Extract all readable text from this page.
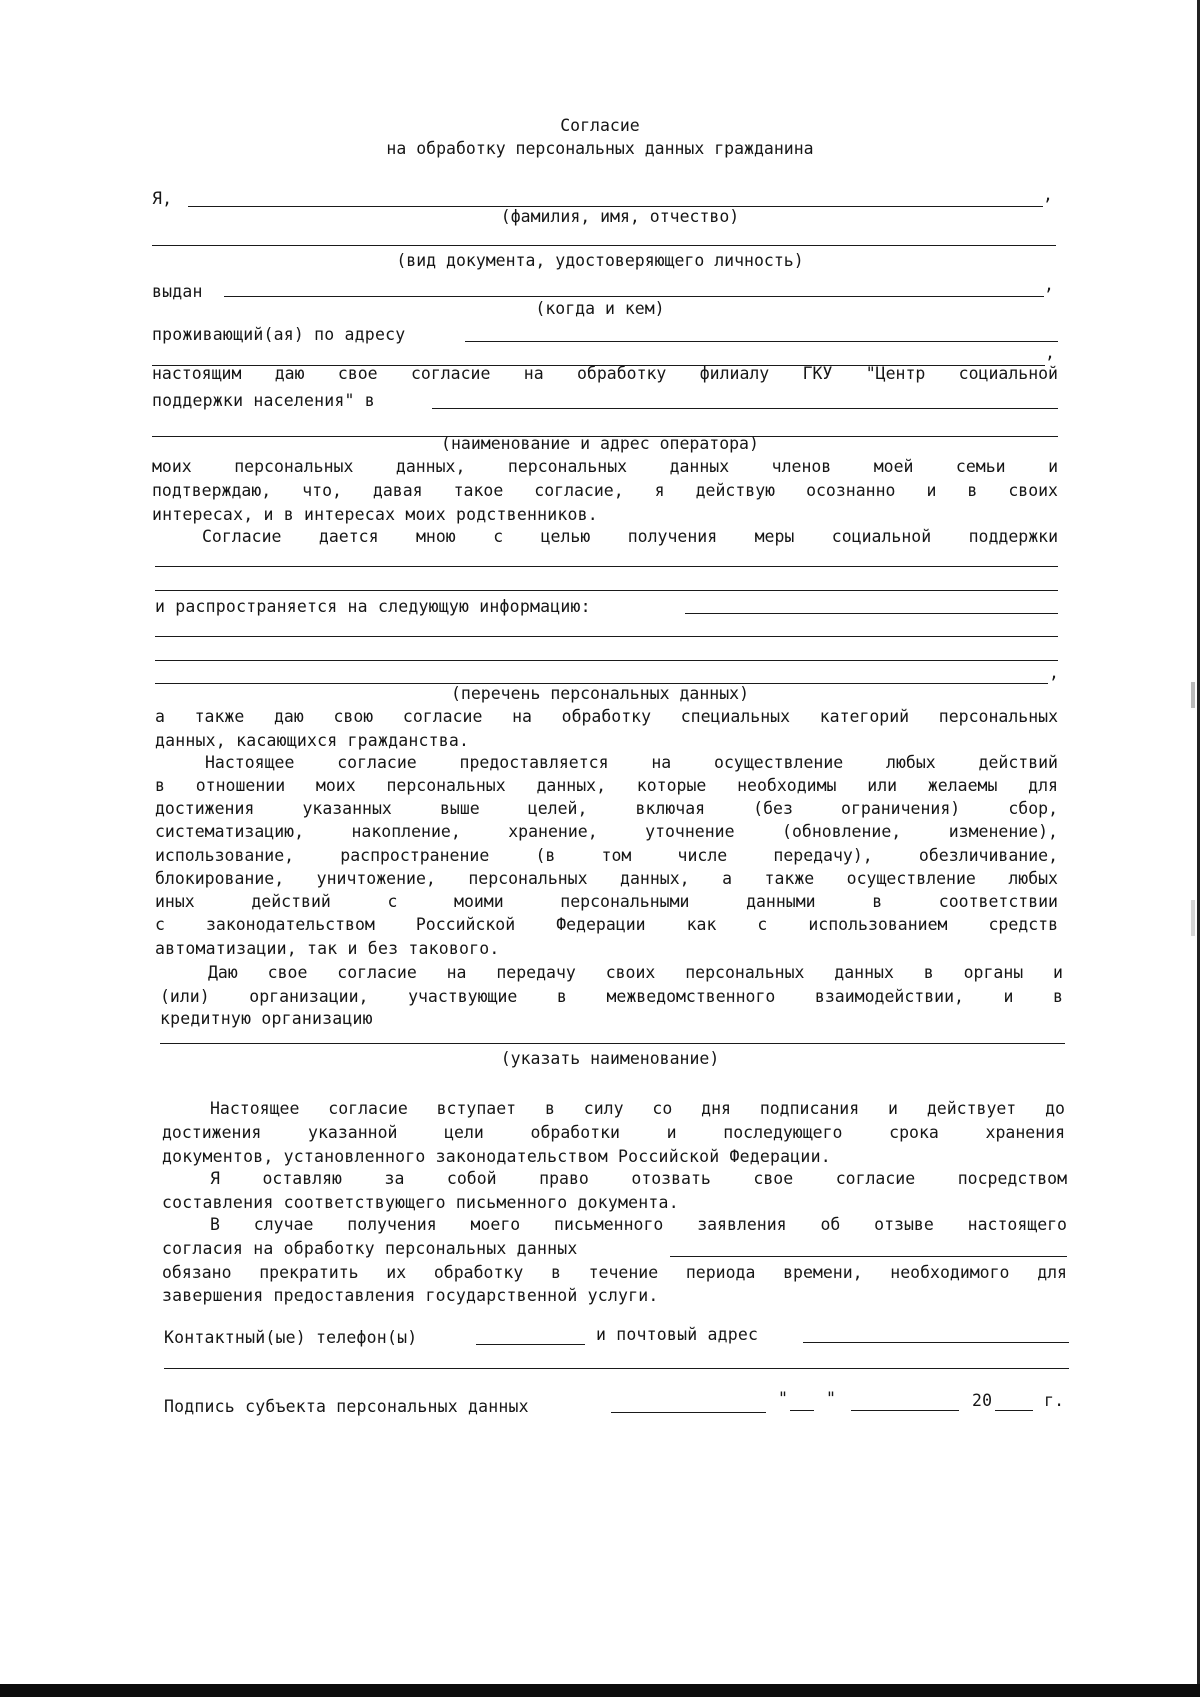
Согласие
на обработку персональных данных гражданина
Я,	,
(фамилия, имя, отчество)
(вид документа, удостоверяющего личность)
выдан	,
(когда и кем)
проживающий(ая) по адресу
,
настоящим даю свое согласие на обработку филиалу ГКУ "Центр социальной
поддержки населения" в
(наименование и адрес оператора)
моих персональных данных, персональных данных членов моей семьи и
подтверждаю, что, давая такое согласие, я действую осознанно и в своих
интересах, и в интересах моих родственников.
Согласие дается мною с целью получения меры социальной поддержки
и распространяется на следующую информацию:
,
(перечень персональных данных)
а также даю свою согласие на обработку специальных категорий персональных
данных, касающихся гражданства.
Настоящее согласие предоставляется на осуществление любых действий
в отношении моих персональных данных, которые необходимы или желаемы для
достижения указанных выше целей, включая (без ограничения) сбор,
систематизацию, накопление, хранение, уточнение (обновление, изменение),
использование, распространение (в том числе передачу), обезличивание,
блокирование, уничтожение, персональных данных, а также осуществление любых
иных действий с моими персональными данными в соответствии
с законодательством Российской Федерации как с использованием средств
автоматизации, так и без такового.
Даю свое согласие на передачу своих персональных данных в органы и
(или) организации, участвующие в межведомственного взаимодействии, и в
кредитную организацию
(указать наименование)
Настоящее согласие вступает в силу со дня подписания и действует до
достижения указанной цели обработки и последующего срока хранения
документов, установленного законодательством Российской Федерации.
Я оставляю за собой право отозвать свое согласие посредством
составления соответствующего письменного документа.
В случае получения моего письменного заявления об отзыве настоящего
согласия на обработку персональных данных
обязано прекратить их обработку в течение периода времени, необходимого для
завершения предоставления государственной услуги.
Контактный(ые) телефон(ы)	и почтовый адрес
Подпись субъекта персональных данных	" "	20	г.
